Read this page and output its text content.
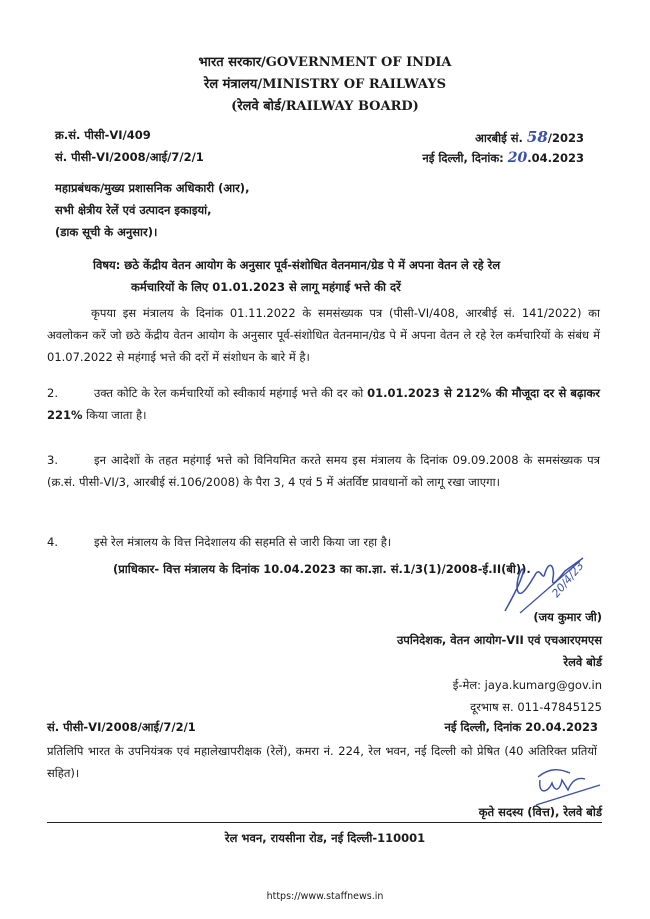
भारत सरकार/GOVERNMENT OF INDIA
रेल मंत्रालय/MINISTRY OF RAILWAYS
(रेलवे बोर्ड/RAILWAY BOARD)
क्र.सं. पीसी-VI/409
सं. पीसी-VI/2008/आई/7/2/1
आरबीई सं. 58/2023
नई दिल्ली, दिनांक: 20.04.2023
महाप्रबंधक/मुख्य प्रशासनिक अधिकारी (आर),
सभी क्षेत्रीय रेलें एवं उत्पादन इकाइयां,
(डाक सूची के अनुसार)।
विषय: छठे केंद्रीय वेतन आयोग के अनुसार पूर्व-संशोधित वेतनमान/ग्रेड पे में अपना वेतन ले रहे रेल
कर्मचारियों के लिए 01.01.2023 से लागू महंगाई भत्ते की दरें
कृपया इस मंत्रालय के दिनांक 01.11.2022 के समसंख्यक पत्र (पीसी-VI/408, आरबीई सं. 141/2022) का अवलोकन करें जो छठे केंद्रीय वेतन आयोग के अनुसार पूर्व-संशोधित वेतनमान/ग्रेड पे में अपना वेतन ले रहे रेल कर्मचारियों के संबंध में 01.07.2022 से महंगाई भत्ते की दरों में संशोधन के बारे में है।
2.	उक्त कोटि के रेल कर्मचारियों को स्वीकार्य महंगाई भत्ते की दर को 01.01.2023 से 212% की मौजूदा दर से बढ़ाकर 221% किया जाता है।
3.	इन आदेशों के तहत महंगाई भत्ते को विनियमित करते समय इस मंत्रालय के दिनांक 09.09.2008 के समसंख्यक पत्र (क्र.सं. पीसी-VI/3, आरबीई सं.106/2008) के पैरा 3, 4 एवं 5 में अंतर्विष्ट प्रावधानों को लागू रखा जाएगा।
4.	इसे रेल मंत्रालय के वित्त निदेशालय की सहमति से जारी किया जा रहा है।
(प्राधिकार- वित्त मंत्रालय के दिनांक 10.04.2023 का का.ज्ञा. सं.1/3(1)/2008-ई.II(बी)). 20/4/23
(जय कुमार जी)
उपनिदेशक, वेतन आयोग-VII एवं एचआरएमएस
रेलवे बोर्ड
ई-मेल: jaya.kumarg@gov.in
दूरभाष स. 011-47845125
सं. पीसी-VI/2008/आई/7/2/1	नई दिल्ली, दिनांक 20.04.2023
प्रतिलिपि भारत के उपनियंत्रक एवं महालेखापरीक्षक (रेलें), कमरा नं. 224, रेल भवन, नई दिल्ली को प्रेषित (40 अतिरिक्त प्रतियों सहित)।
कृते सदस्य (वित्त), रेलवे बोर्ड
रेल भवन, रायसीना रोड, नई दिल्ली-110001
https://www.staffnews.in
